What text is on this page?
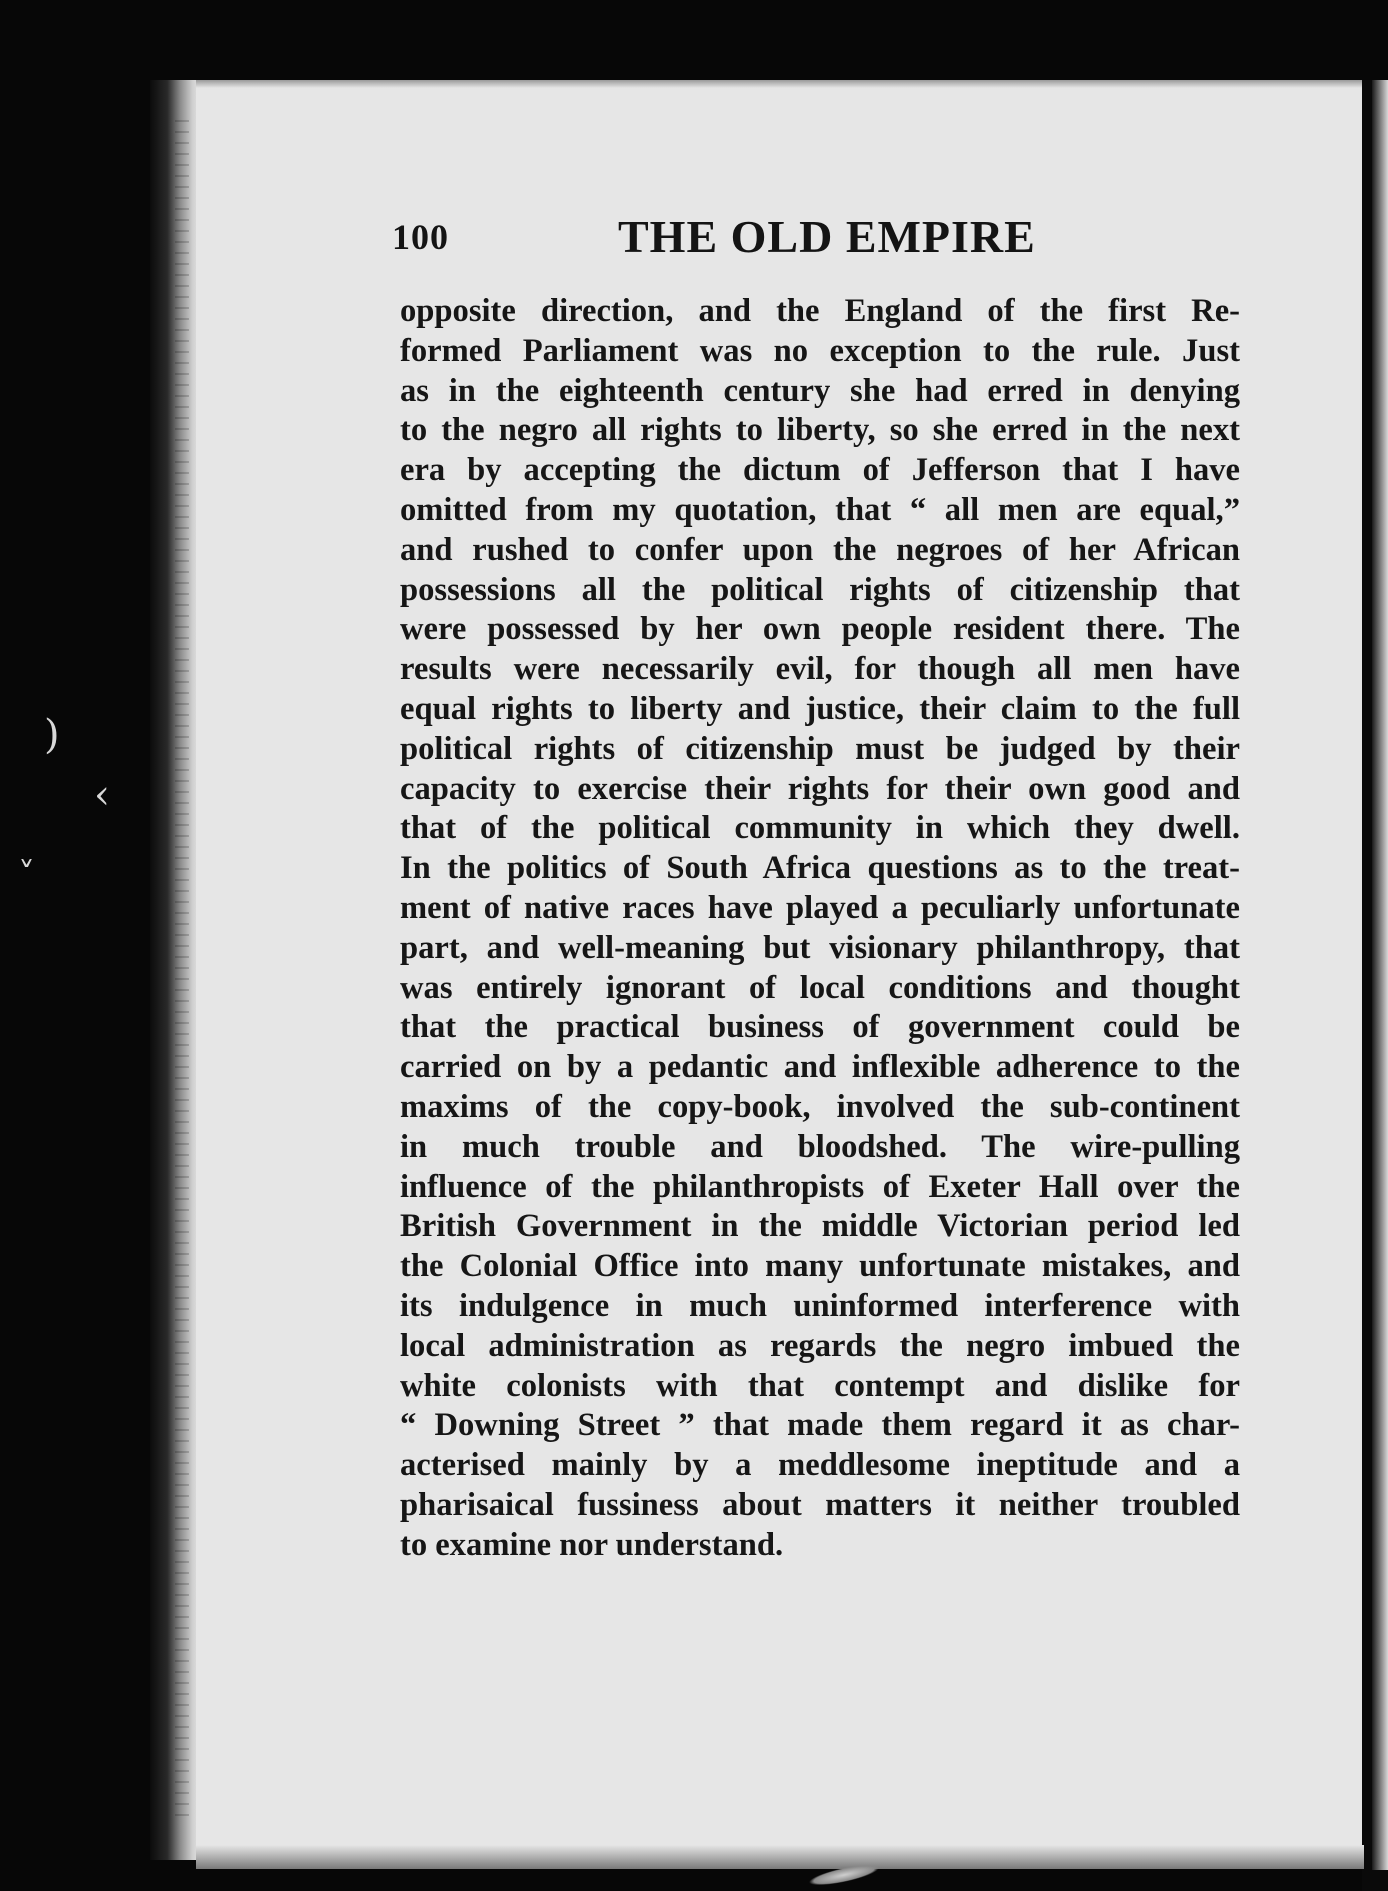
)
‹
˅
100	THE OLD EMPIRE
opposite direction, and the England of the first Re-
formed Parliament was no exception to the rule. Just
as in the eighteenth century she had erred in denying
to the negro all rights to liberty, so she erred in the next
era by accepting the dictum of Jefferson that I have
omitted from my quotation, that “ all men are equal,”
and rushed to confer upon the negroes of her African
possessions all the political rights of citizenship that
were possessed by her own people resident there. The
results were necessarily evil, for though all men have
equal rights to liberty and justice, their claim to the full
political rights of citizenship must be judged by their
capacity to exercise their rights for their own good and
that of the political community in which they dwell.
In the politics of South Africa questions as to the treat-
ment of native races have played a peculiarly unfortunate
part, and well-meaning but visionary philanthropy, that
was entirely ignorant of local conditions and thought
that the practical business of government could be
carried on by a pedantic and inflexible adherence to the
maxims of the copy-book, involved the sub-continent
in much trouble and bloodshed. The wire-pulling
influence of the philanthropists of Exeter Hall over the
British Government in the middle Victorian period led
the Colonial Office into many unfortunate mistakes, and
its indulgence in much uninformed interference with
local administration as regards the negro imbued the
white colonists with that contempt and dislike for
“ Downing Street ” that made them regard it as char-
acterised mainly by a meddlesome ineptitude and a
pharisaical fussiness about matters it neither troubled
to examine nor understand.
